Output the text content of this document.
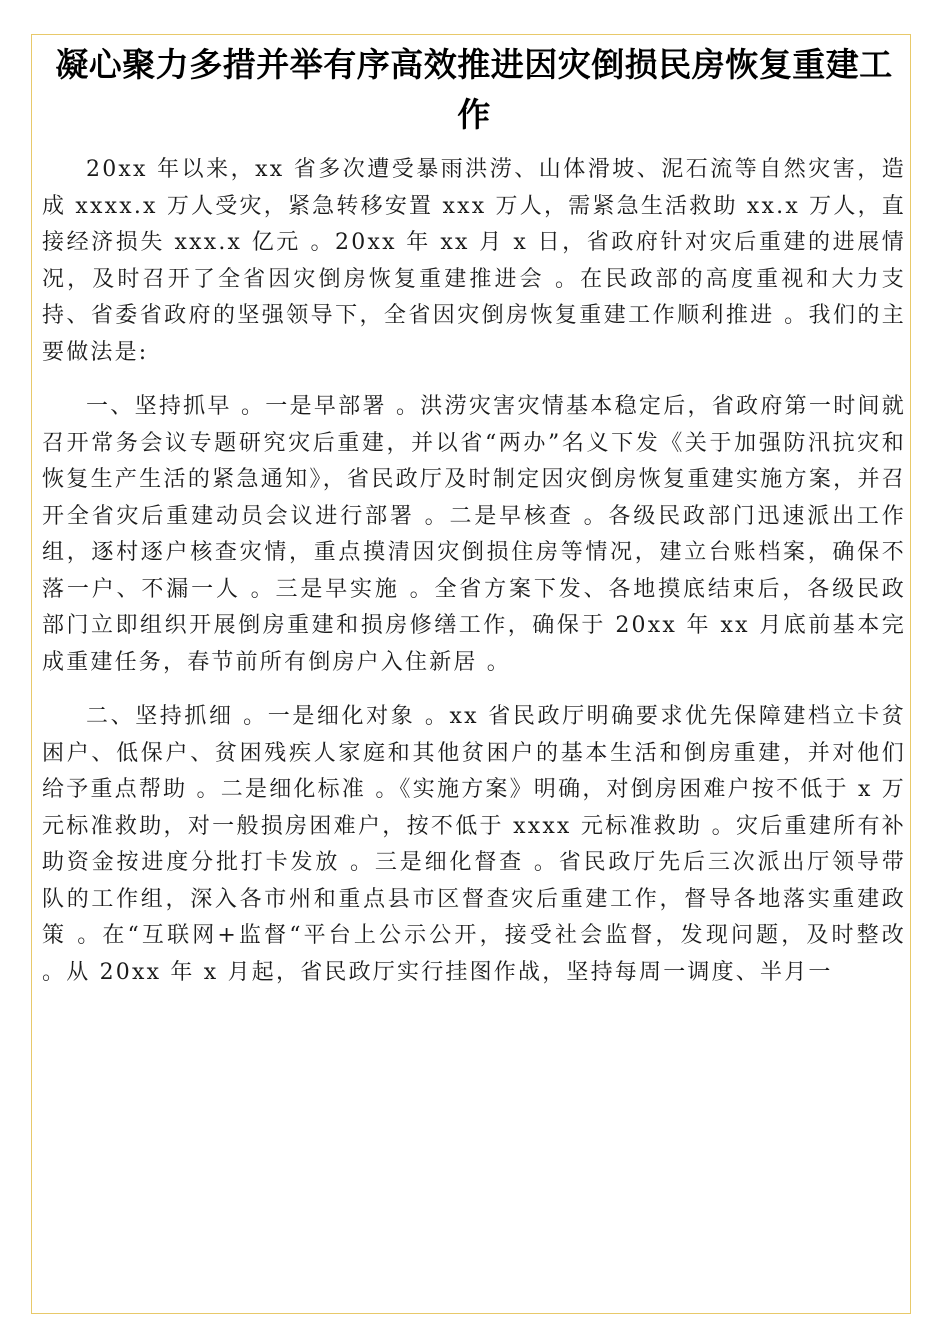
凝心聚力多措并举有序高效推进因灾倒损民房恢复重建工作

20xx 年以来，xx 省多次遭受暴雨洪涝、山体滑坡、泥石流等自然灾害，造成 xxxx.x 万人受灾，紧急转移安置 xxx 万人，需紧急生活救助 xx.x 万人，直接经济损失 xxx.x 亿元 。20xx 年 xx 月 x 日，省政府针对灾后重建的进展情况，及时召开了全省因灾倒房恢复重建推进会 。在民政部的高度重视和大力支持、省委省政府的坚强领导下，全省因灾倒房恢复重建工作顺利推进 。我们的主要做法是:

一、坚持抓早 。一是早部署 。洪涝灾害灾情基本稳定后，省政府第一时间就召开常务会议专题研究灾后重建，并以省“两办”名义下发《关于加强防汛抗灾和恢复生产生活的紧急通知》，省民政厅及时制定因灾倒房恢复重建实施方案，并召开全省灾后重建动员会议进行部署 。二是早核查 。各级民政部门迅速派出工作组，逐村逐户核查灾情，重点摸清因灾倒损住房等情况，建立台账档案，确保不落一户、不漏一人 。三是早实施 。全省方案下发、各地摸底结束后，各级民政部门立即组织开展倒房重建和损房修缮工作，确保于 20xx 年 xx 月底前基本完成重建任务，春节前所有倒房户入住新居 。

二、坚持抓细 。一是细化对象 。xx 省民政厅明确要求优先保障建档立卡贫困户、低保户、贫困残疾人家庭和其他贫困户的基本生活和倒房重建，并对他们给予重点帮助 。二是细化标准 。《实施方案》明确，对倒房困难户按不低于 x 万元标准救助，对一般损房困难户，按不低于 xxxx 元标准救助 。灾后重建所有补助资金按进度分批打卡发放 。三是细化督查 。省民政厅先后三次派出厅领导带队的工作组，深入各市州和重点县市区督查灾后重建工作，督导各地落实重建政策 。在“互联网+监督“平台上公示公开，接受社会监督，发现问题，及时整改 。从 20xx 年 x 月起，省民政厅实行挂图作战，坚持每周一调度、半月一
